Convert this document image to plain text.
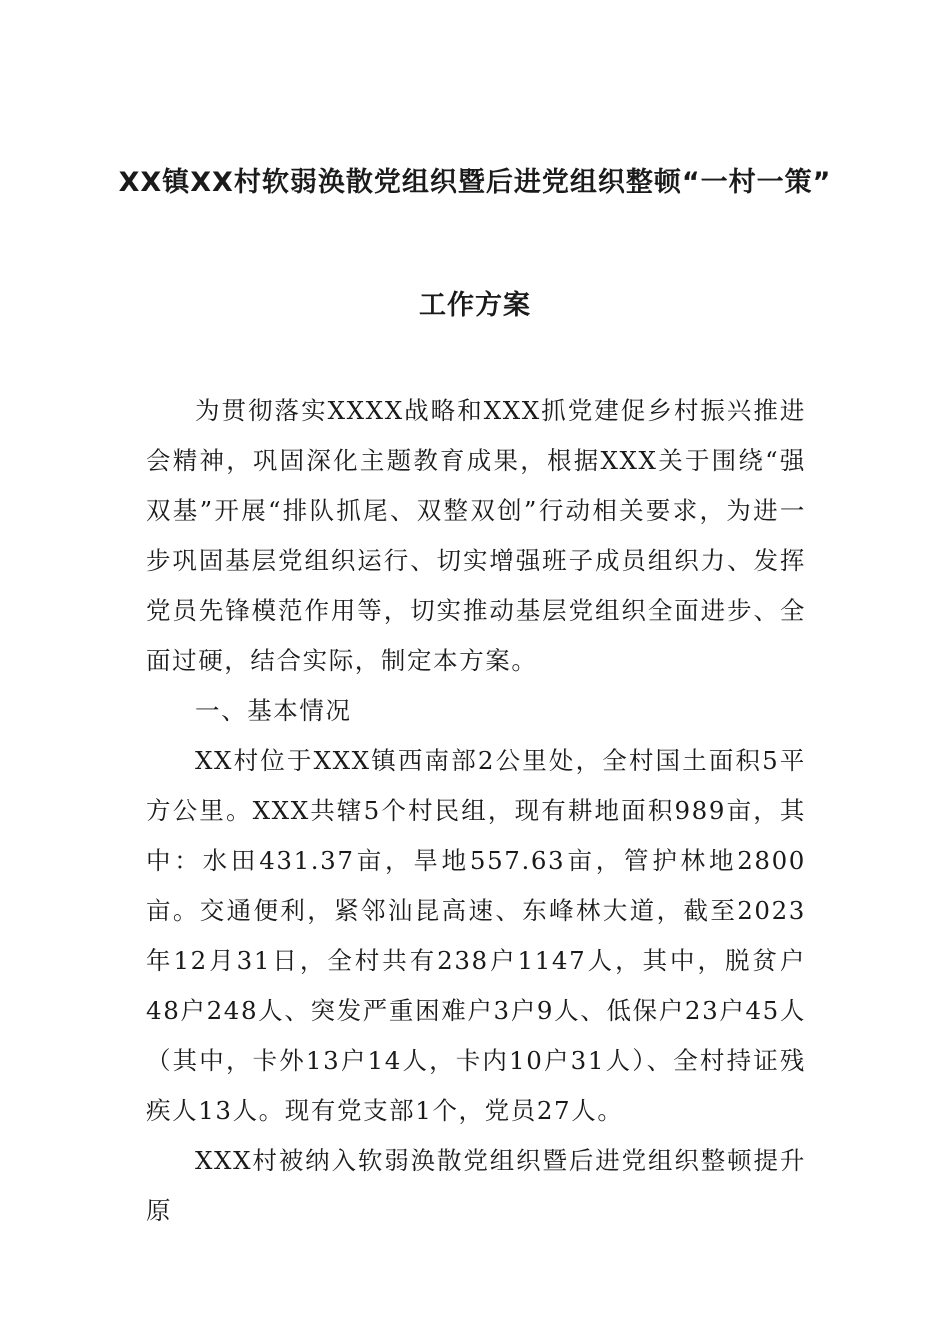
XX镇XX村软弱涣散党组织暨后进党组织整顿“一村一策”
工作方案

为贯彻落实XXXX战略和XXX抓党建促乡村振兴推进会精神，巩固深化主题教育成果，根据XXX关于围绕“强双基”开展“排队抓尾、双整双创”行动相关要求，为进一步巩固基层党组织运行、切实增强班子成员组织力、发挥党员先锋模范作用等，切实推动基层党组织全面进步、全面过硬，结合实际，制定本方案。

一、基本情况

XX村位于XXX镇西南部2公里处，全村国土面积5平方公里。XXX共辖5个村民组，现有耕地面积989亩，其中：水田431.37亩，旱地557.63亩，管护林地2800亩。交通便利，紧邻汕昆高速、东峰林大道，截至2023年12月31日，全村共有238户1147人，其中，脱贫户48户248人、突发严重困难户3户9人、低保户23户45人（其中，卡外13户14人，卡内10户31人）、全村持证残疾人13人。现有党支部1个，党员27人。

XXX村被纳入软弱涣散党组织暨后进党组织整顿提升原
